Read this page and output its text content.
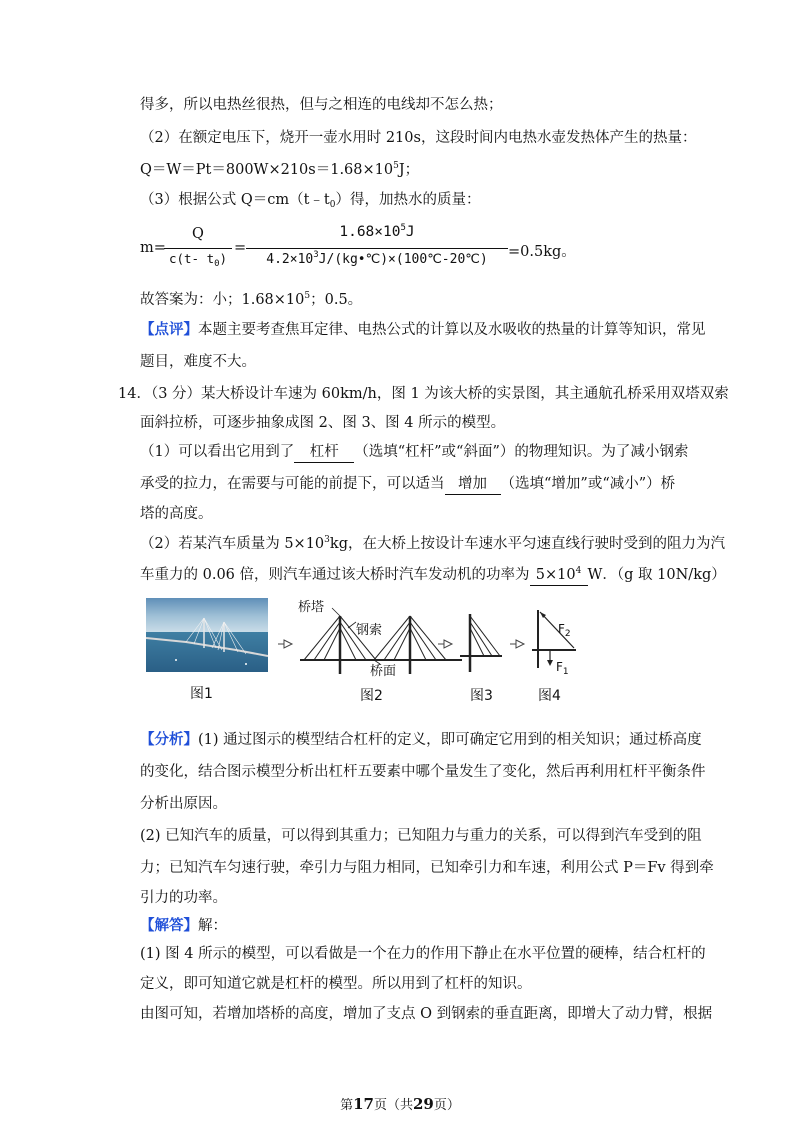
得多，所以电热丝很热，但与之相连的电线却不怎么热；
（2）在额定电压下，烧开一壶水用时 210s，这段时间内电热水壶发热体产生的热量：
$Q=W=Pt=800W\times 210s=1.68\times 10^5J$；
（3）根据公式 $Q=cm(t﹣t_0)$得，加热水的质量：
m=
Q
c(t- $t_0$)
=
$1.68\times 10^5J$
$4.2\times 10^3J/(kg•℃)\times(100℃-20℃)$	=0.5kg。
故答案为：小；$1.68\times 10^5$；0.5。
【点评】本题主要考查焦耳定律、电热公式的计算以及水吸收的热量的计算等知识，常见
题目，难度不大。
14．（3 分）某大桥设计车速为 60km/h，图 1 为该大桥的实景图，其主通航孔桥采用双塔双索
面斜拉桥，可逐步抽象成图 2、图 3、图 4 所示的模型。
（1）可以看出它用到了 杠杆 （选填“杠杆”或“斜面”）的物理知识。为了减小钢索
承受的拉力，在需要与可能的前提下，可以适当 增加 （选填“增加”或“减小”）桥
塔的高度。
（2）若某汽车质量为 $5\times 10^3kg$，在大桥上按设计车速水平匀速直线行驶时受到的阻力为汽
车重力的 0.06 倍，则汽车通过该大桥时汽车发动机的功率为 $5\times 10^4$ W．（g 取 10N/kg）
图1
桥塔
钢索
桥面
图2	图3
$F_2$
$F_1$
图4
【分析】(1) 通过图示的模型结合杠杆的定义，即可确定它用到的相关知识；通过桥高度
的变化，结合图示模型分析出杠杆五要素中哪个量发生了变化，然后再利用杠杆平衡条件
分析出原因。
(2) 已知汽车的质量，可以得到其重力；已知阻力与重力的关系，可以得到汽车受到的阻
力；已知汽车匀速行驶，牵引力与阻力相同，已知牵引力和车速，利用公式 P＝Fv 得到牵
引力的功率。
【解答】解：
(1) 图 4 所示的模型，可以看做是一个在力的作用下静止在水平位置的硬棒，结合杠杆的
定义，即可知道它就是杠杆的模型。所以用到了杠杆的知识。
由图可知，若增加塔桥的高度，增加了支点 O 到钢索的垂直距离，即增大了动力臂，根据
第17页（共29页）
